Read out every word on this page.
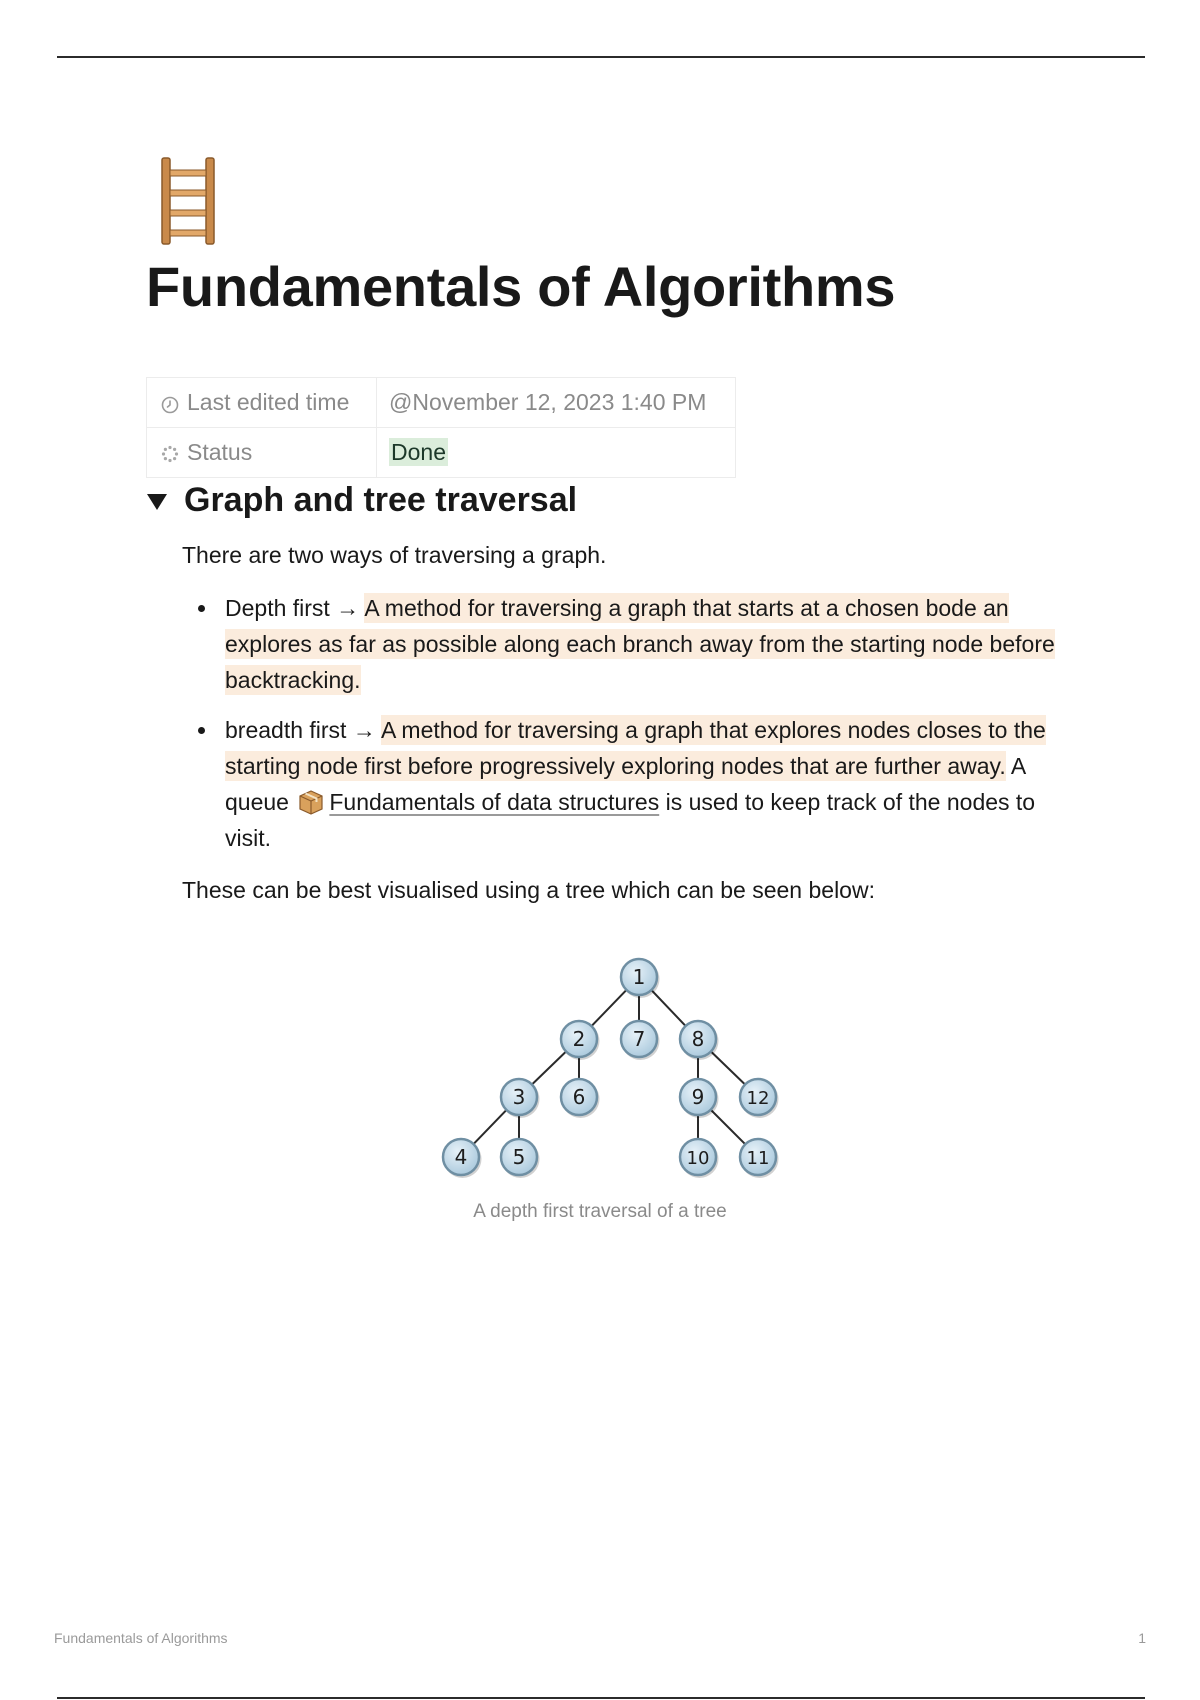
Fundamentals of Algorithms
Last edited time	@November 12, 2023 1:40 PM
Status	Done
Graph and tree traversal

There are two ways of traversing a graph.

Depth first → A method for traversing a graph that starts at a chosen bode an explores as far as possible along each branch away from the starting node before backtracking.
breadth first → A method for traversing a graph that explores nodes closes to the starting node first before progressively exploring nodes that are further away. A queue Fundamentals of data structures is used to keep track of the nodes to visit.

These can be best visualised using a tree which can be seen below:

1
2 7 8
3 6	9 12
4 5	10 11
A depth first traversal of a tree
Fundamentals of Algorithms	1
